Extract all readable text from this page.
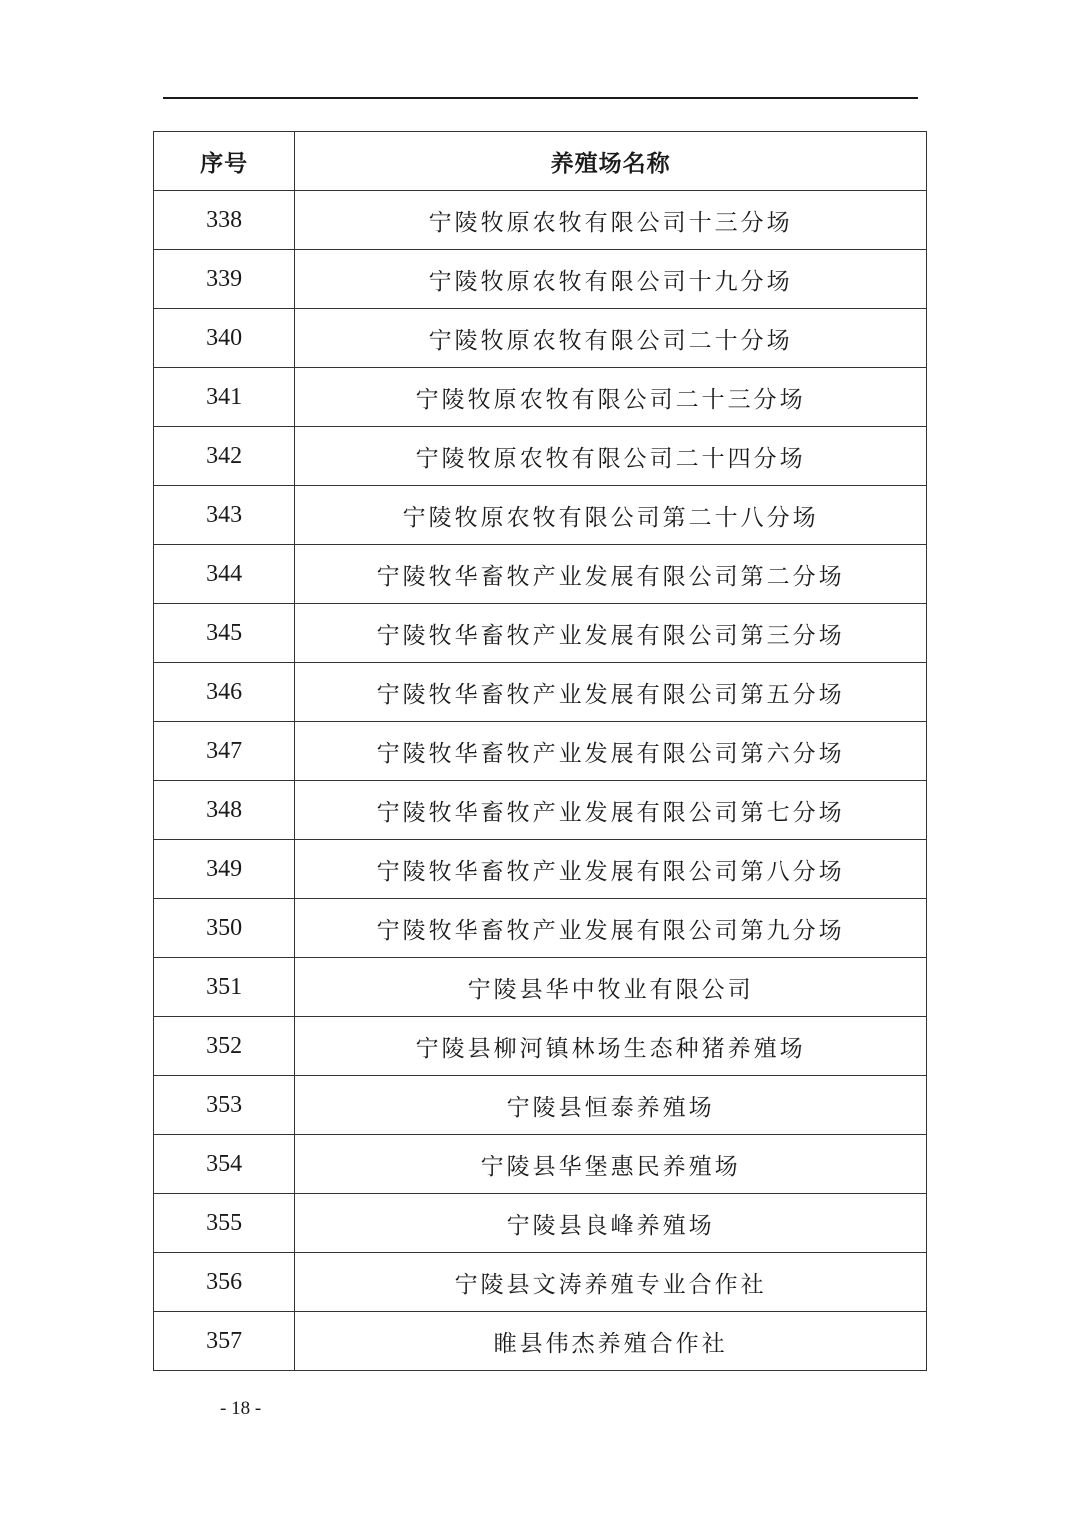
序号	养殖场名称
338	宁陵牧原农牧有限公司十三分场
339	宁陵牧原农牧有限公司十九分场
340	宁陵牧原农牧有限公司二十分场
341	宁陵牧原农牧有限公司二十三分场
342	宁陵牧原农牧有限公司二十四分场
343	宁陵牧原农牧有限公司第二十八分场
344	宁陵牧华畜牧产业发展有限公司第二分场
345	宁陵牧华畜牧产业发展有限公司第三分场
346	宁陵牧华畜牧产业发展有限公司第五分场
347	宁陵牧华畜牧产业发展有限公司第六分场
348	宁陵牧华畜牧产业发展有限公司第七分场
349	宁陵牧华畜牧产业发展有限公司第八分场
350	宁陵牧华畜牧产业发展有限公司第九分场
351	宁陵县华中牧业有限公司
352	宁陵县柳河镇林场生态种猪养殖场
353	宁陵县恒泰养殖场
354	宁陵县华堡惠民养殖场
355	宁陵县良峰养殖场
356	宁陵县文涛养殖专业合作社
357	睢县伟杰养殖合作社
- 18 -
